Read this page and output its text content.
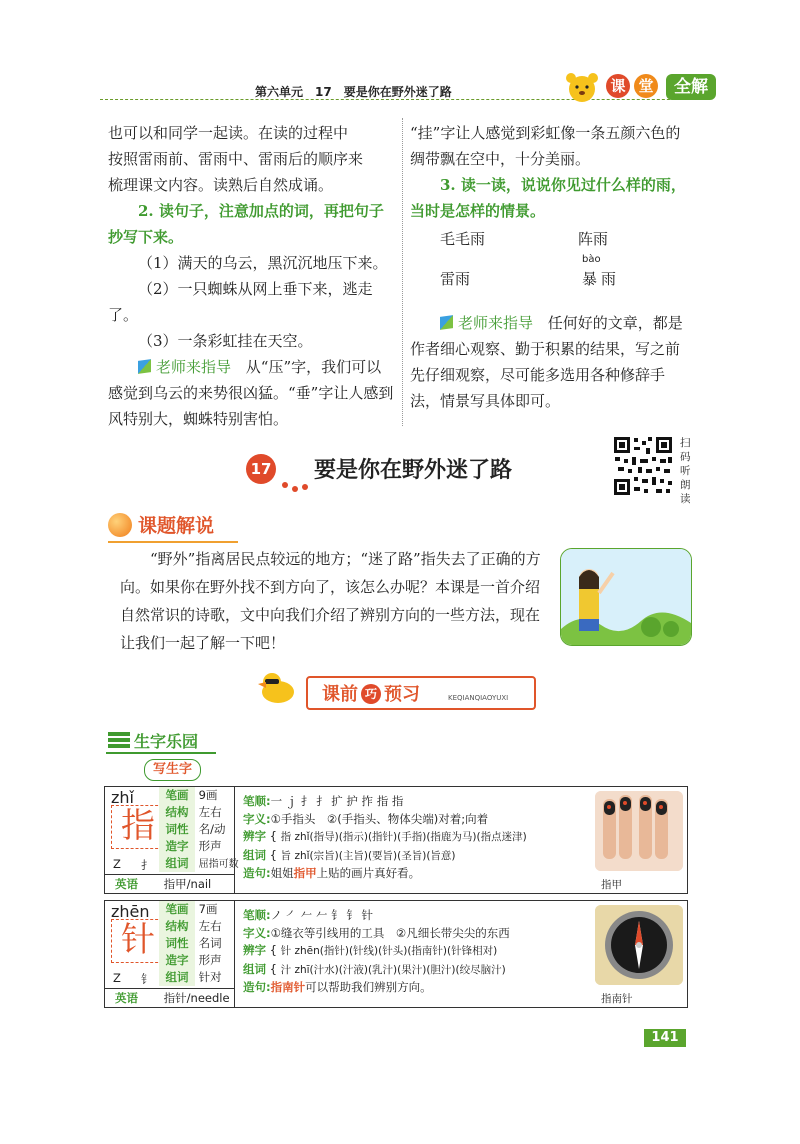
第六单元　17　要是你在野外迷了路	课 堂	全解

也可以和同学一起读。在读的过程中

按照雷雨前、雷雨中、雷雨后的顺序来

梳理课文内容。读熟后自然成诵。

2. 读句子，注意加点的词，再把句子抄写下来。

（1）满天的乌云，黑沉沉地压下来。

（2）一只蜘蛛从网上垂下来，逃走了。

（3）一条彩虹挂在天空。

老师来指导 从“压”字，我们可以感觉到乌云的来势很凶猛。“垂”字让人感到风特别大，蜘蛛特别害怕。

“挂”字让人感觉到彩虹像一条五颜六色的绸带飘在空中，十分美丽。

3. 读一读，说说你见过什么样的雨，当时是怎样的情景。

毛毛雨	阵雨
bào
雷雨	暴雨

老师来指导 任何好的文章，都是作者细心观察、勤于积累的结果，写之前先仔细观察，尽可能多选用各种修辞手法，情景写具体即可。

17 要是你在野外迷了路
扫码听朗读
课题解说
“野外”指离居民点较远的地方；“迷了路”指失去了正确的方向。如果你在野外找不到方向了，该怎么办呢？本课是一首介绍自然常识的诗歌，文中向我们介绍了辨别方向的一些方法，现在让我们一起了解一下吧！
课前 巧 预习	KEQIANQIAOYUXI
生字乐园
写生字
zhǐ
指
Z 扌
笔画 9画
结构 左右
词性 名/动
造字 形声
组词 屈指可数
英语 指甲/nail
笔顺:一 ｊ 扌 扌 扩 护 拃 指 指
字义:①手指头　②(手指头、物体尖端)对着;向着
辨字 { 指 zhǐ(指导)(指示)(指针)(手指)(指鹿为马)(指点迷津)
组词 { 旨 zhǐ(宗旨)(主旨)(要旨)(圣旨)(旨意)
造句:姐姐指甲上贴的画片真好看。
指甲
zhēn
针
Z 钅
笔画 7画
结构 左右
词性 名词
造字 形声
组词 针对
英语 指针/needle
笔顺:ノ ㇒ 𠂉 𠂉 钅 钅 针
字义:①缝衣等引线用的工具　②凡细长带尖尖的东西
辨字 { 针 zhēn(指针)(针线)(针头)(指南针)(针锋相对)
组词 { 汁 zhī(汁水)(汁液)(乳汁)(果汁)(胆汁)(绞尽脑汁)
造句:指南针可以帮助我们辨别方向。
指南针
141
